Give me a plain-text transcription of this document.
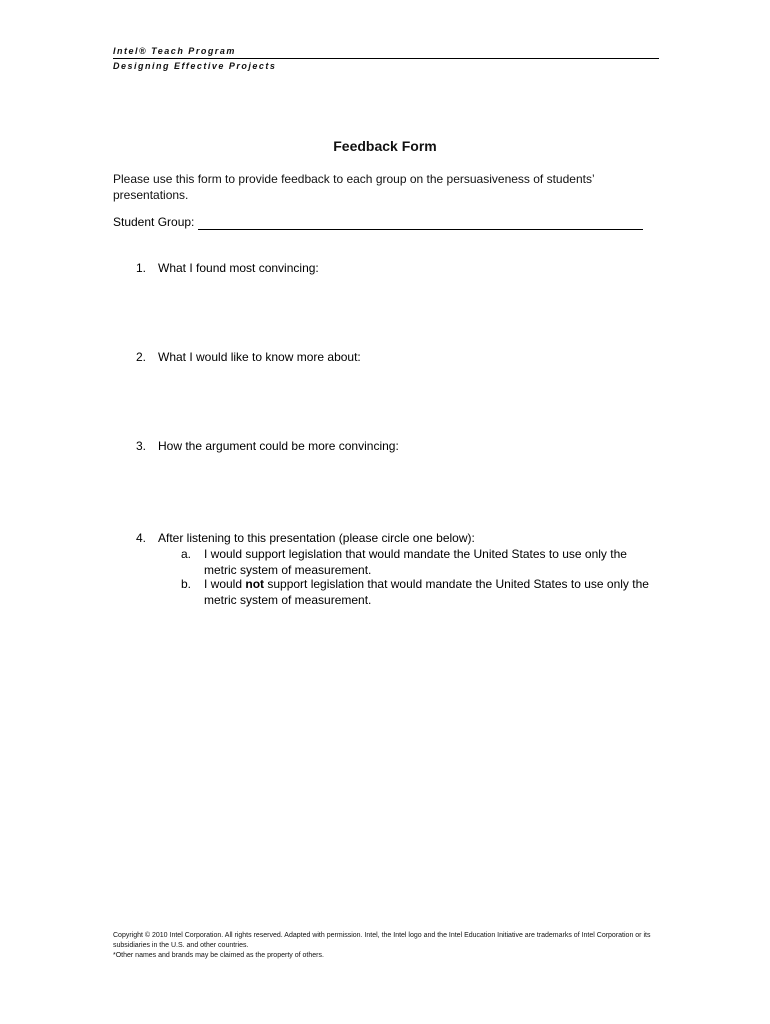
Intel® Teach Program
Designing Effective Projects
Feedback Form
Please use this form to provide feedback to each group on the persuasiveness of students’ presentations.
Student Group:
1. What I found most convincing:
2. What I would like to know more about:
3. How the argument could be more convincing:
4. After listening to this presentation (please circle one below):
a.	I would support legislation that would mandate the United States to use only the metric system of measurement.
b.	I would not support legislation that would mandate the United States to use only the metric system of measurement.
Copyright © 2010 Intel Corporation. All rights reserved. Adapted with permission. Intel, the Intel logo and the Intel Education Initiative are trademarks of Intel Corporation or its subsidiaries in the U.S. and other countries.
*Other names and brands may be claimed as the property of others.
